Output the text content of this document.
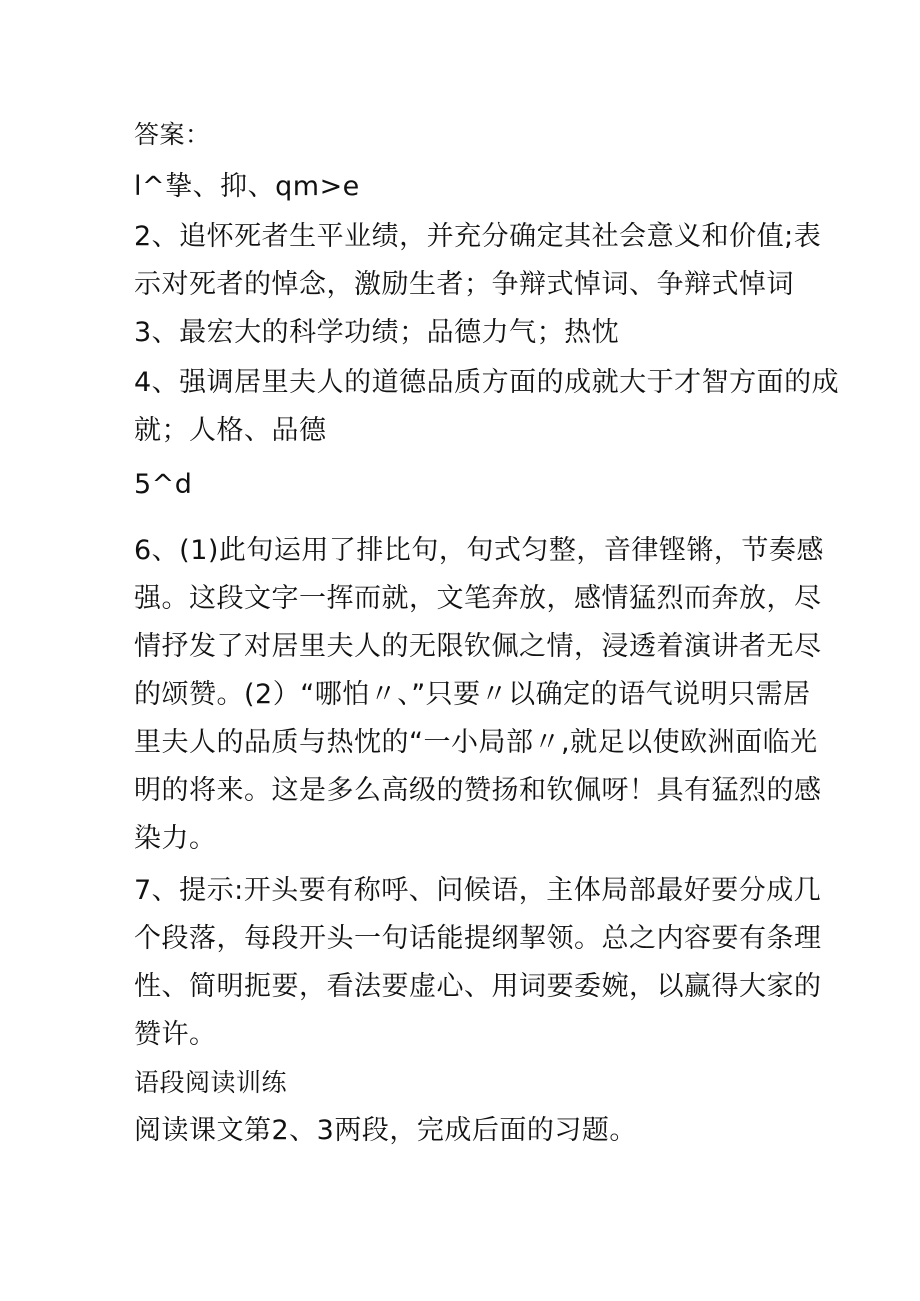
答案：
l^挚、抑、qm>e
2、追怀死者生平业绩，并充分确定其社会意义和价值;表
示对死者的悼念，激励生者；争辩式悼词、争辩式悼词
3、最宏大的科学功绩；品德力气；热忱
4、强调居里夫人的道德品质方面的成就大于才智方面的成
就；人格、品德
5^d
6、(1)此句运用了排比句，句式匀整，音律铿锵，节奏感
强。这段文字一挥而就，文笔奔放，感情猛烈而奔放，尽
情抒发了对居里夫人的无限钦佩之情，浸透着演讲者无尽
的颂赞。(2）“哪怕〃、”只要〃以确定的语气说明只需居
里夫人的品质与热忱的“一小局部〃,就足以使欧洲面临光
明的将来。这是多么高级的赞扬和钦佩呀！具有猛烈的感
染力。
7、提示:开头要有称呼、问候语，主体局部最好要分成几
个段落，每段开头一句话能提纲挈领。总之内容要有条理
性、简明扼要，看法要虚心、用词要委婉，以赢得大家的
赞许。
语段阅读训练
阅读课文第2、3两段，完成后面的习题。
